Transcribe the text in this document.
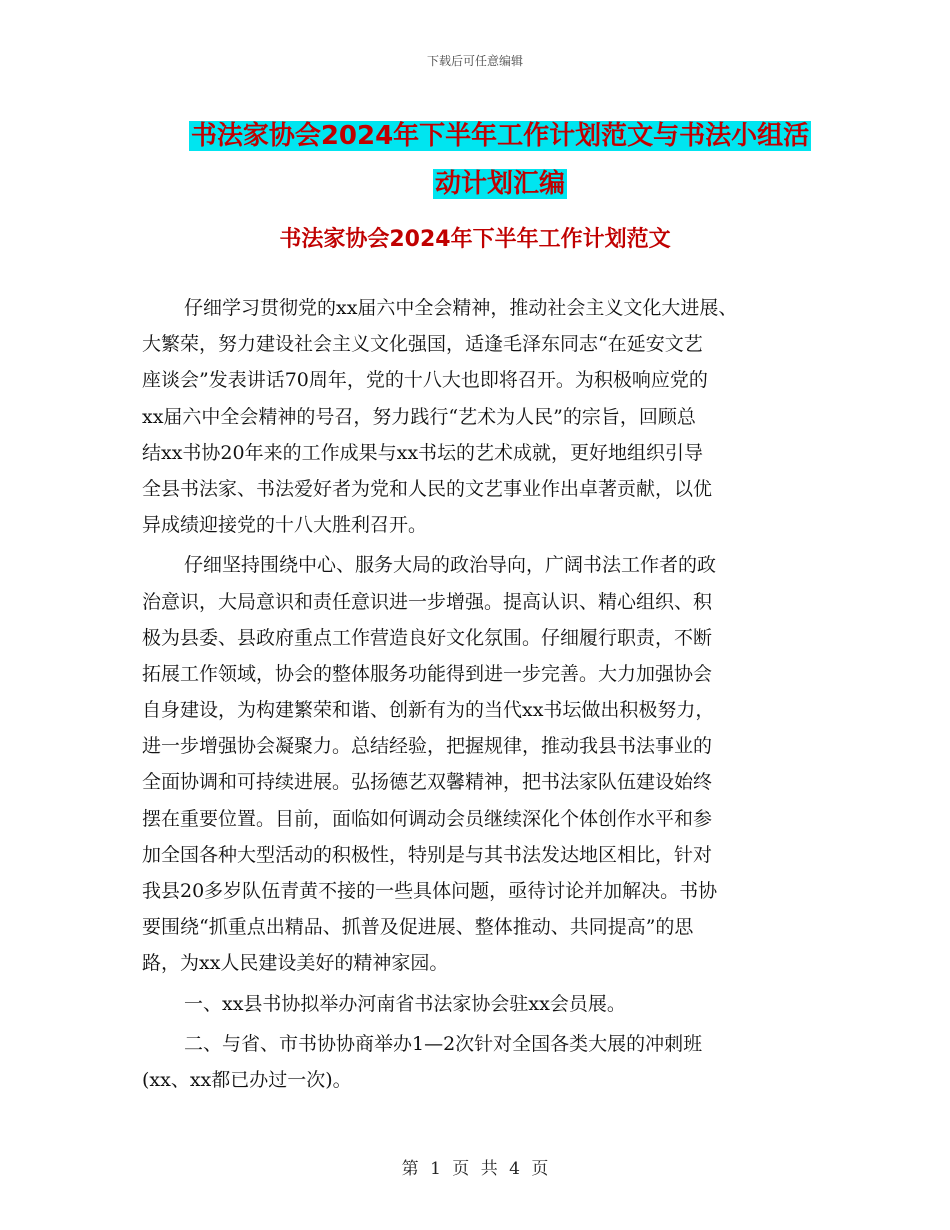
下载后可任意编辑
书法家协会2024年下半年工作计划范文与书法小组活
动计划汇编
书法家协会2024年下半年工作计划范文
仔细学习贯彻党的xx届六中全会精神，推动社会主义文化大进展、
大繁荣，努力建设社会主义文化强国，适逢毛泽东同志“在延安文艺
座谈会”发表讲话70周年，党的十八大也即将召开。为积极响应党的
xx届六中全会精神的号召，努力践行“艺术为人民”的宗旨，回顾总
结xx书协20年来的工作成果与xx书坛的艺术成就，更好地组织引导
全县书法家、书法爱好者为党和人民的文艺事业作出卓著贡献，以优
异成绩迎接党的十八大胜利召开。
仔细坚持围绕中心、服务大局的政治导向，广阔书法工作者的政
治意识，大局意识和责任意识进一步增强。提高认识、精心组织、积
极为县委、县政府重点工作营造良好文化氛围。仔细履行职责，不断
拓展工作领域，协会的整体服务功能得到进一步完善。大力加强协会
自身建设，为构建繁荣和谐、创新有为的当代xx书坛做出积极努力，
进一步增强协会凝聚力。总结经验，把握规律，推动我县书法事业的
全面协调和可持续进展。弘扬德艺双馨精神，把书法家队伍建设始终
摆在重要位置。目前，面临如何调动会员继续深化个体创作水平和参
加全国各种大型活动的积极性，特别是与其书法发达地区相比，针对
我县20多岁队伍青黄不接的一些具体问题，亟待讨论并加解决。书协
要围绕“抓重点出精品、抓普及促进展、整体推动、共同提高”的思
路，为xx人民建设美好的精神家园。
一、xx县书协拟举办河南省书法家协会驻xx会员展。
二、与省、市书协协商举办1—2次针对全国各类大展的冲刺班
(xx、xx都已办过一次)。
第 1 页 共 4 页
